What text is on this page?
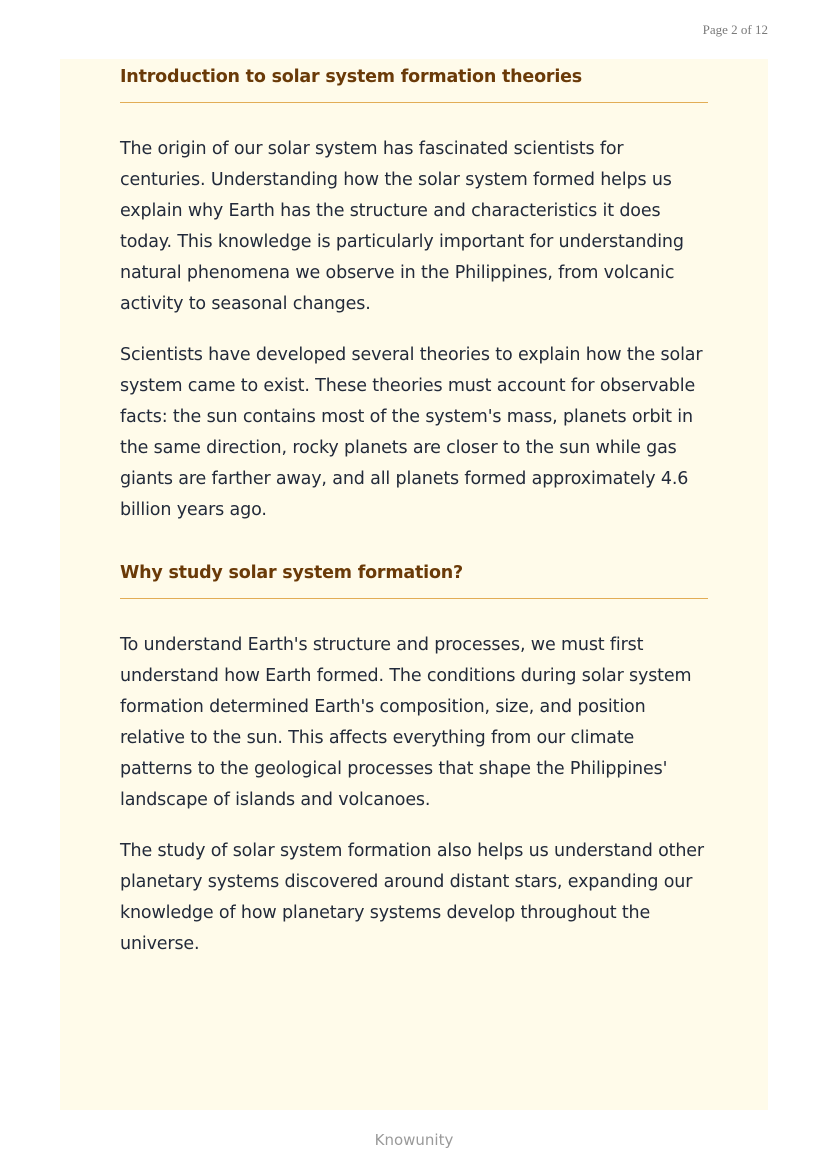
Page 2 of 12
Introduction to solar system formation theories

The origin of our solar system has fascinated scientists for centuries. Understanding how the solar system formed helps us explain why Earth has the structure and characteristics it does today. This knowledge is particularly important for understanding natural phenomena we observe in the Philippines, from volcanic activity to seasonal changes.

Scientists have developed several theories to explain how the solar system came to exist. These theories must account for observable facts: the sun contains most of the system's mass, planets orbit in the same direction, rocky planets are closer to the sun while gas giants are farther away, and all planets formed approximately 4.6 billion years ago.

Why study solar system formation?

To understand Earth's structure and processes, we must first understand how Earth formed. The conditions during solar system formation determined Earth's composition, size, and position relative to the sun. This affects everything from our climate patterns to the geological processes that shape the Philippines' landscape of islands and volcanoes.

The study of solar system formation also helps us understand other planetary systems discovered around distant stars, expanding our knowledge of how planetary systems develop throughout the universe.

Knowunity
